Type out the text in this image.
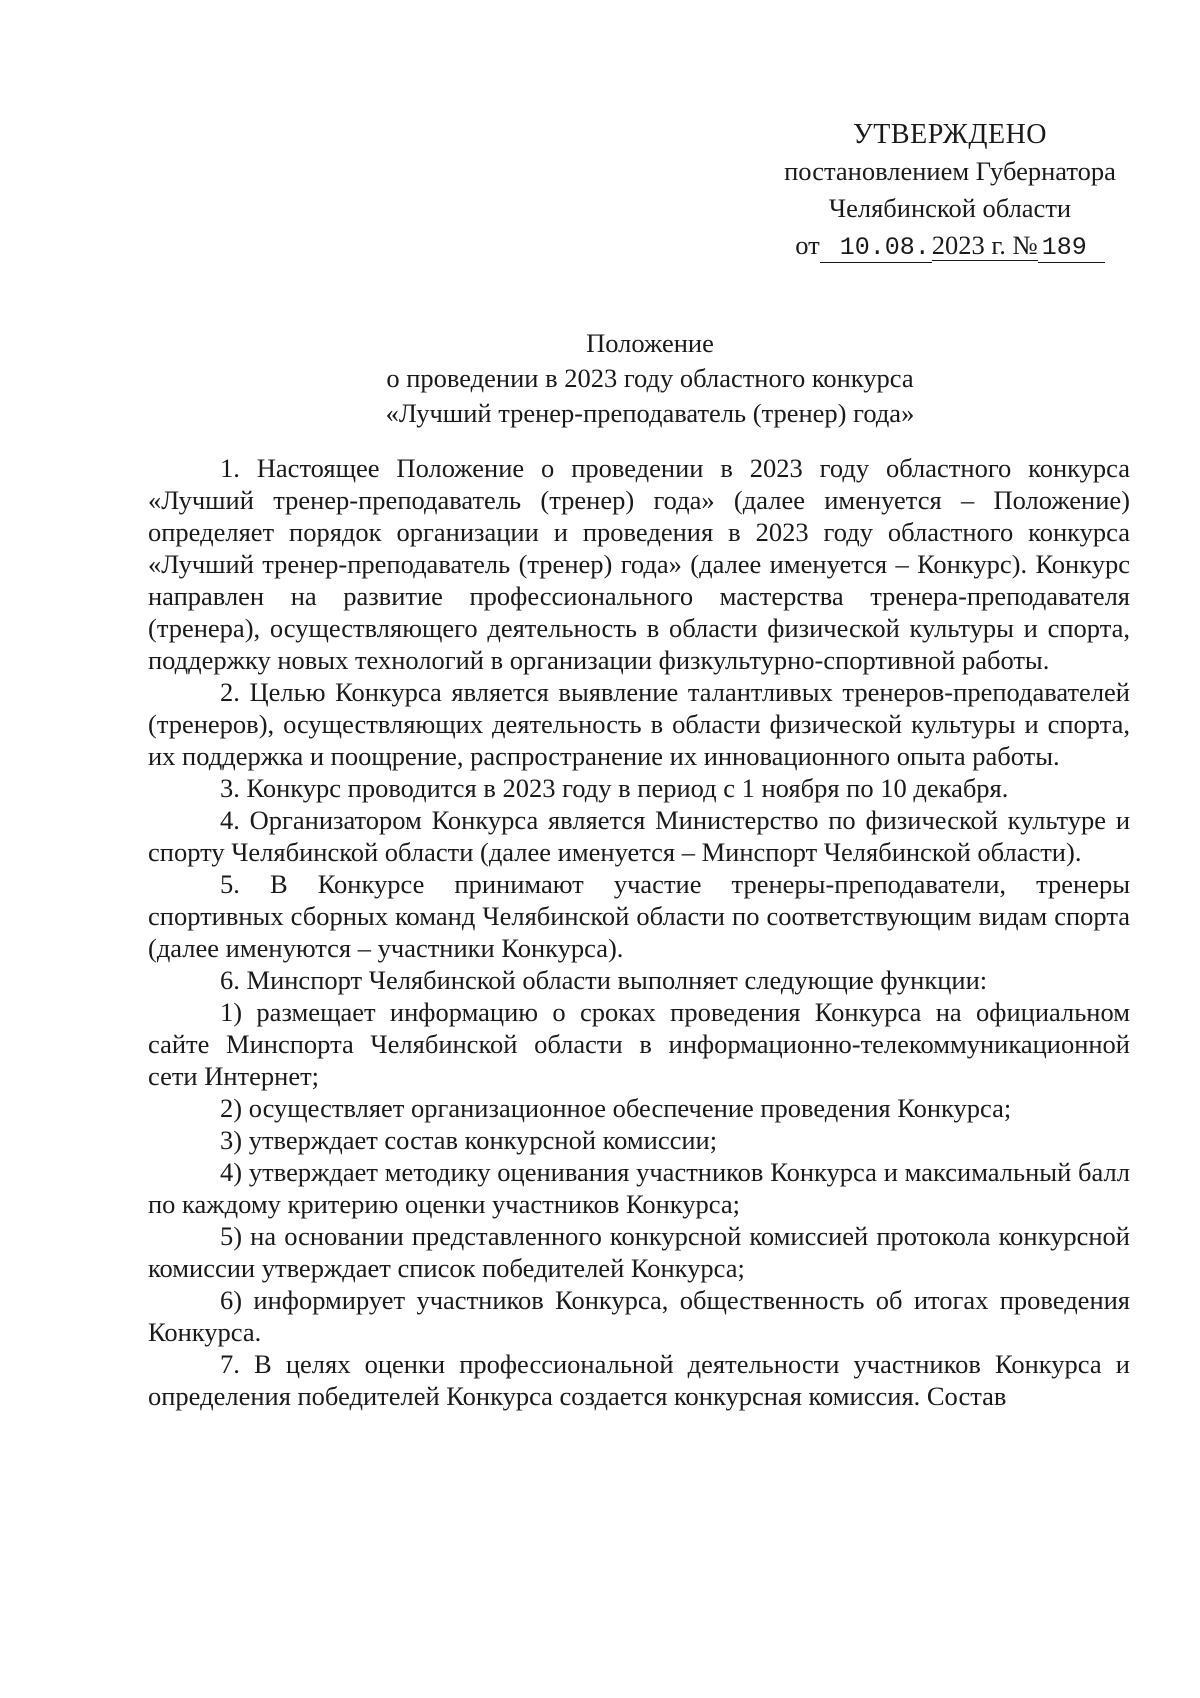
УТВЕРЖДЕНО
постановлением Губернатора
Челябинской области
от 10.08.2023 г. № 189
Положение
о проведении в 2023 году областного конкурса
«Лучший тренер-преподаватель (тренер) года»

1. Настоящее Положение о проведении в 2023 году областного конкурса «Лучший тренер-преподаватель (тренер) года» (далее именуется – Положение) определяет порядок организации и проведения в 2023 году областного конкурса «Лучший тренер-преподаватель (тренер) года» (далее именуется – Конкурс). Конкурс направлен на развитие профессионального мастерства тренера-преподавателя (тренера), осуществляющего деятельность в области физической культуры и спорта, поддержку новых технологий в организации физкультурно-спортивной работы.

2. Целью Конкурса является выявление талантливых тренеров-преподавателей (тренеров), осуществляющих деятельность в области физической культуры и спорта, их поддержка и поощрение, распространение их инновационного опыта работы.

3. Конкурс проводится в 2023 году в период с 1 ноября по 10 декабря.

4. Организатором Конкурса является Министерство по физической культуре и спорту Челябинской области (далее именуется – Минспорт Челябинской области).

5. В Конкурсе принимают участие тренеры-преподаватели, тренеры спортивных сборных команд Челябинской области по соответствующим видам спорта (далее именуются – участники Конкурса).

6. Минспорт Челябинской области выполняет следующие функции:

1) размещает информацию о сроках проведения Конкурса на официальном сайте Минспорта Челябинской области в информационно-телекоммуникационной сети Интернет;

2) осуществляет организационное обеспечение проведения Конкурса;

3) утверждает состав конкурсной комиссии;

4) утверждает методику оценивания участников Конкурса и максимальный балл по каждому критерию оценки участников Конкурса;

5) на основании представленного конкурсной комиссией протокола конкурсной комиссии утверждает список победителей Конкурса;

6) информирует участников Конкурса, общественность об итогах проведения Конкурса.

7. В целях оценки профессиональной деятельности участников Конкурса и определения победителей Конкурса создается конкурсная комиссия. Состав
